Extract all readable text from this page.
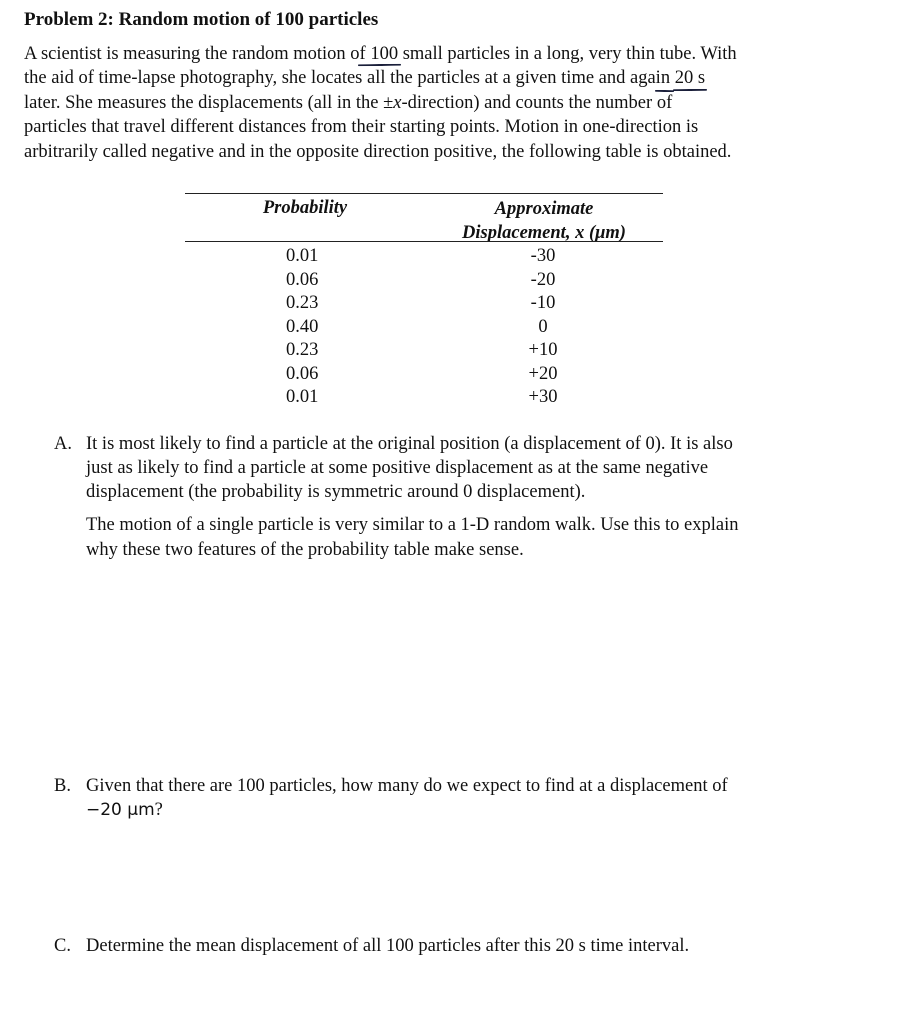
Problem 2: Random motion of 100 particles
A scientist is measuring the random motion of 100
small particles in a long, very thin tube. With
the aid of time-lapse photography, she locates all the particles at a given time and again 20 s
later. She measures the displacements (all in the ±x-direction) and counts the number of
particles that travel different distances from their starting points. Motion in one-direction is
arbitrarily called negative and in the opposite direction positive, the following table is obtained.
Probability	Approximate
Displacement, x (μm)
0.01
0.06
0.23
0.40
0.23
0.06
0.01
-30
-20
-10
0
+10
+20
+30
A. It is most likely to find a particle at the original position (a displacement of 0). It is also
just as likely to find a particle at some positive displacement as at the same negative
displacement (the probability is symmetric around 0 displacement).
The motion of a single particle is very similar to a 1-D random walk. Use this to explain
why these two features of the probability table make sense.
B. Given that there are 100 particles, how many do we expect to find at a displacement of
−20 μm?
C. Determine the mean displacement of all 100 particles after this 20 s time interval.
